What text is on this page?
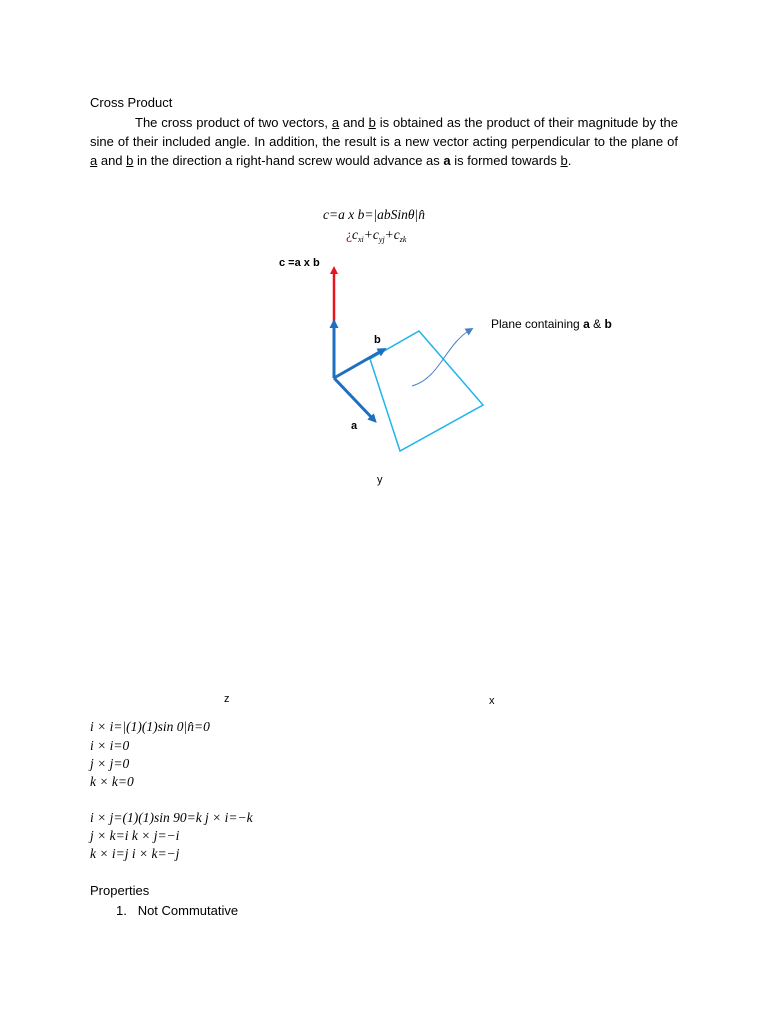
Cross Product
The cross product of two vectors, a and b is obtained as the product of their magnitude by the sine of their included angle. In addition, the result is a new vector acting perpendicular to the plane of a and b in the direction a right-hand screw would advance as a is formed towards b.
c=a x b=|abSinθ|n̂
¿$c_{xi}+c_{yj}+c_{zk}$
c =a x b
b
a
y
z	x
Plane containing a & b
i × i=|(1)(1)sin 0|n̂=0
i × i=0
j × j=0
k × k=0
i × j=(1)(1)sin 90=k j × i=−k
j × k=i k × j=−i
k × i=j i × k=−j
Properties
1. Not Commutative
